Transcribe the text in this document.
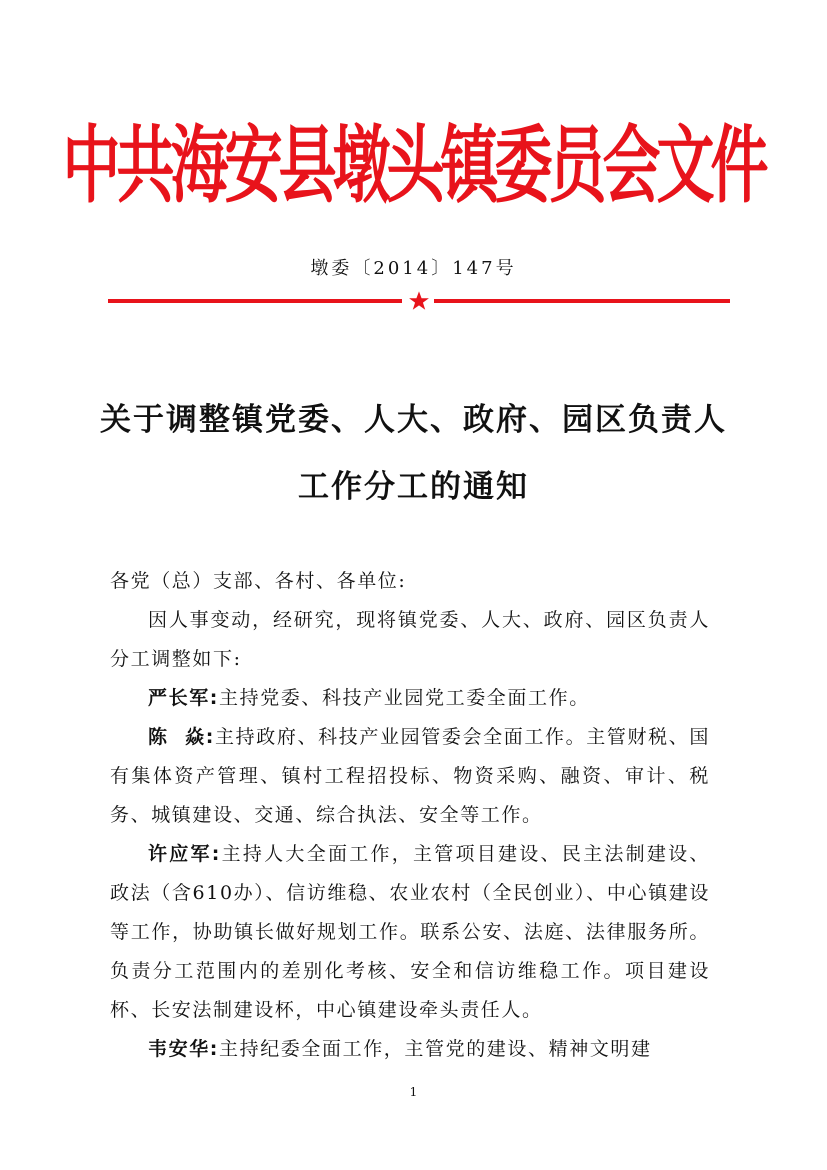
中共海安县墩头镇委员会文件
墩委〔2014〕147号
关于调整镇党委、人大、政府、园区负责人
工作分工的通知

各党（总）支部、各村、各单位:

因人事变动，经研究，现将镇党委、人大、政府、园区负责人分工调整如下:

严长军:主持党委、科技产业园党工委全面工作。

陈  焱:主持政府、科技产业园管委会全面工作。主管财税、国有集体资产管理、镇村工程招投标、物资采购、融资、审计、税务、城镇建设、交通、综合执法、安全等工作。

许应军:主持人大全面工作，主管项目建设、民主法制建设、政法（含610办）、信访维稳、农业农村（全民创业）、中心镇建设等工作，协助镇长做好规划工作。联系公安、法庭、法律服务所。负责分工范围内的差别化考核、安全和信访维稳工作。项目建设杯、长安法制建设杯，中心镇建设牵头责任人。

韦安华:主持纪委全面工作，主管党的建设、精神文明建

1
